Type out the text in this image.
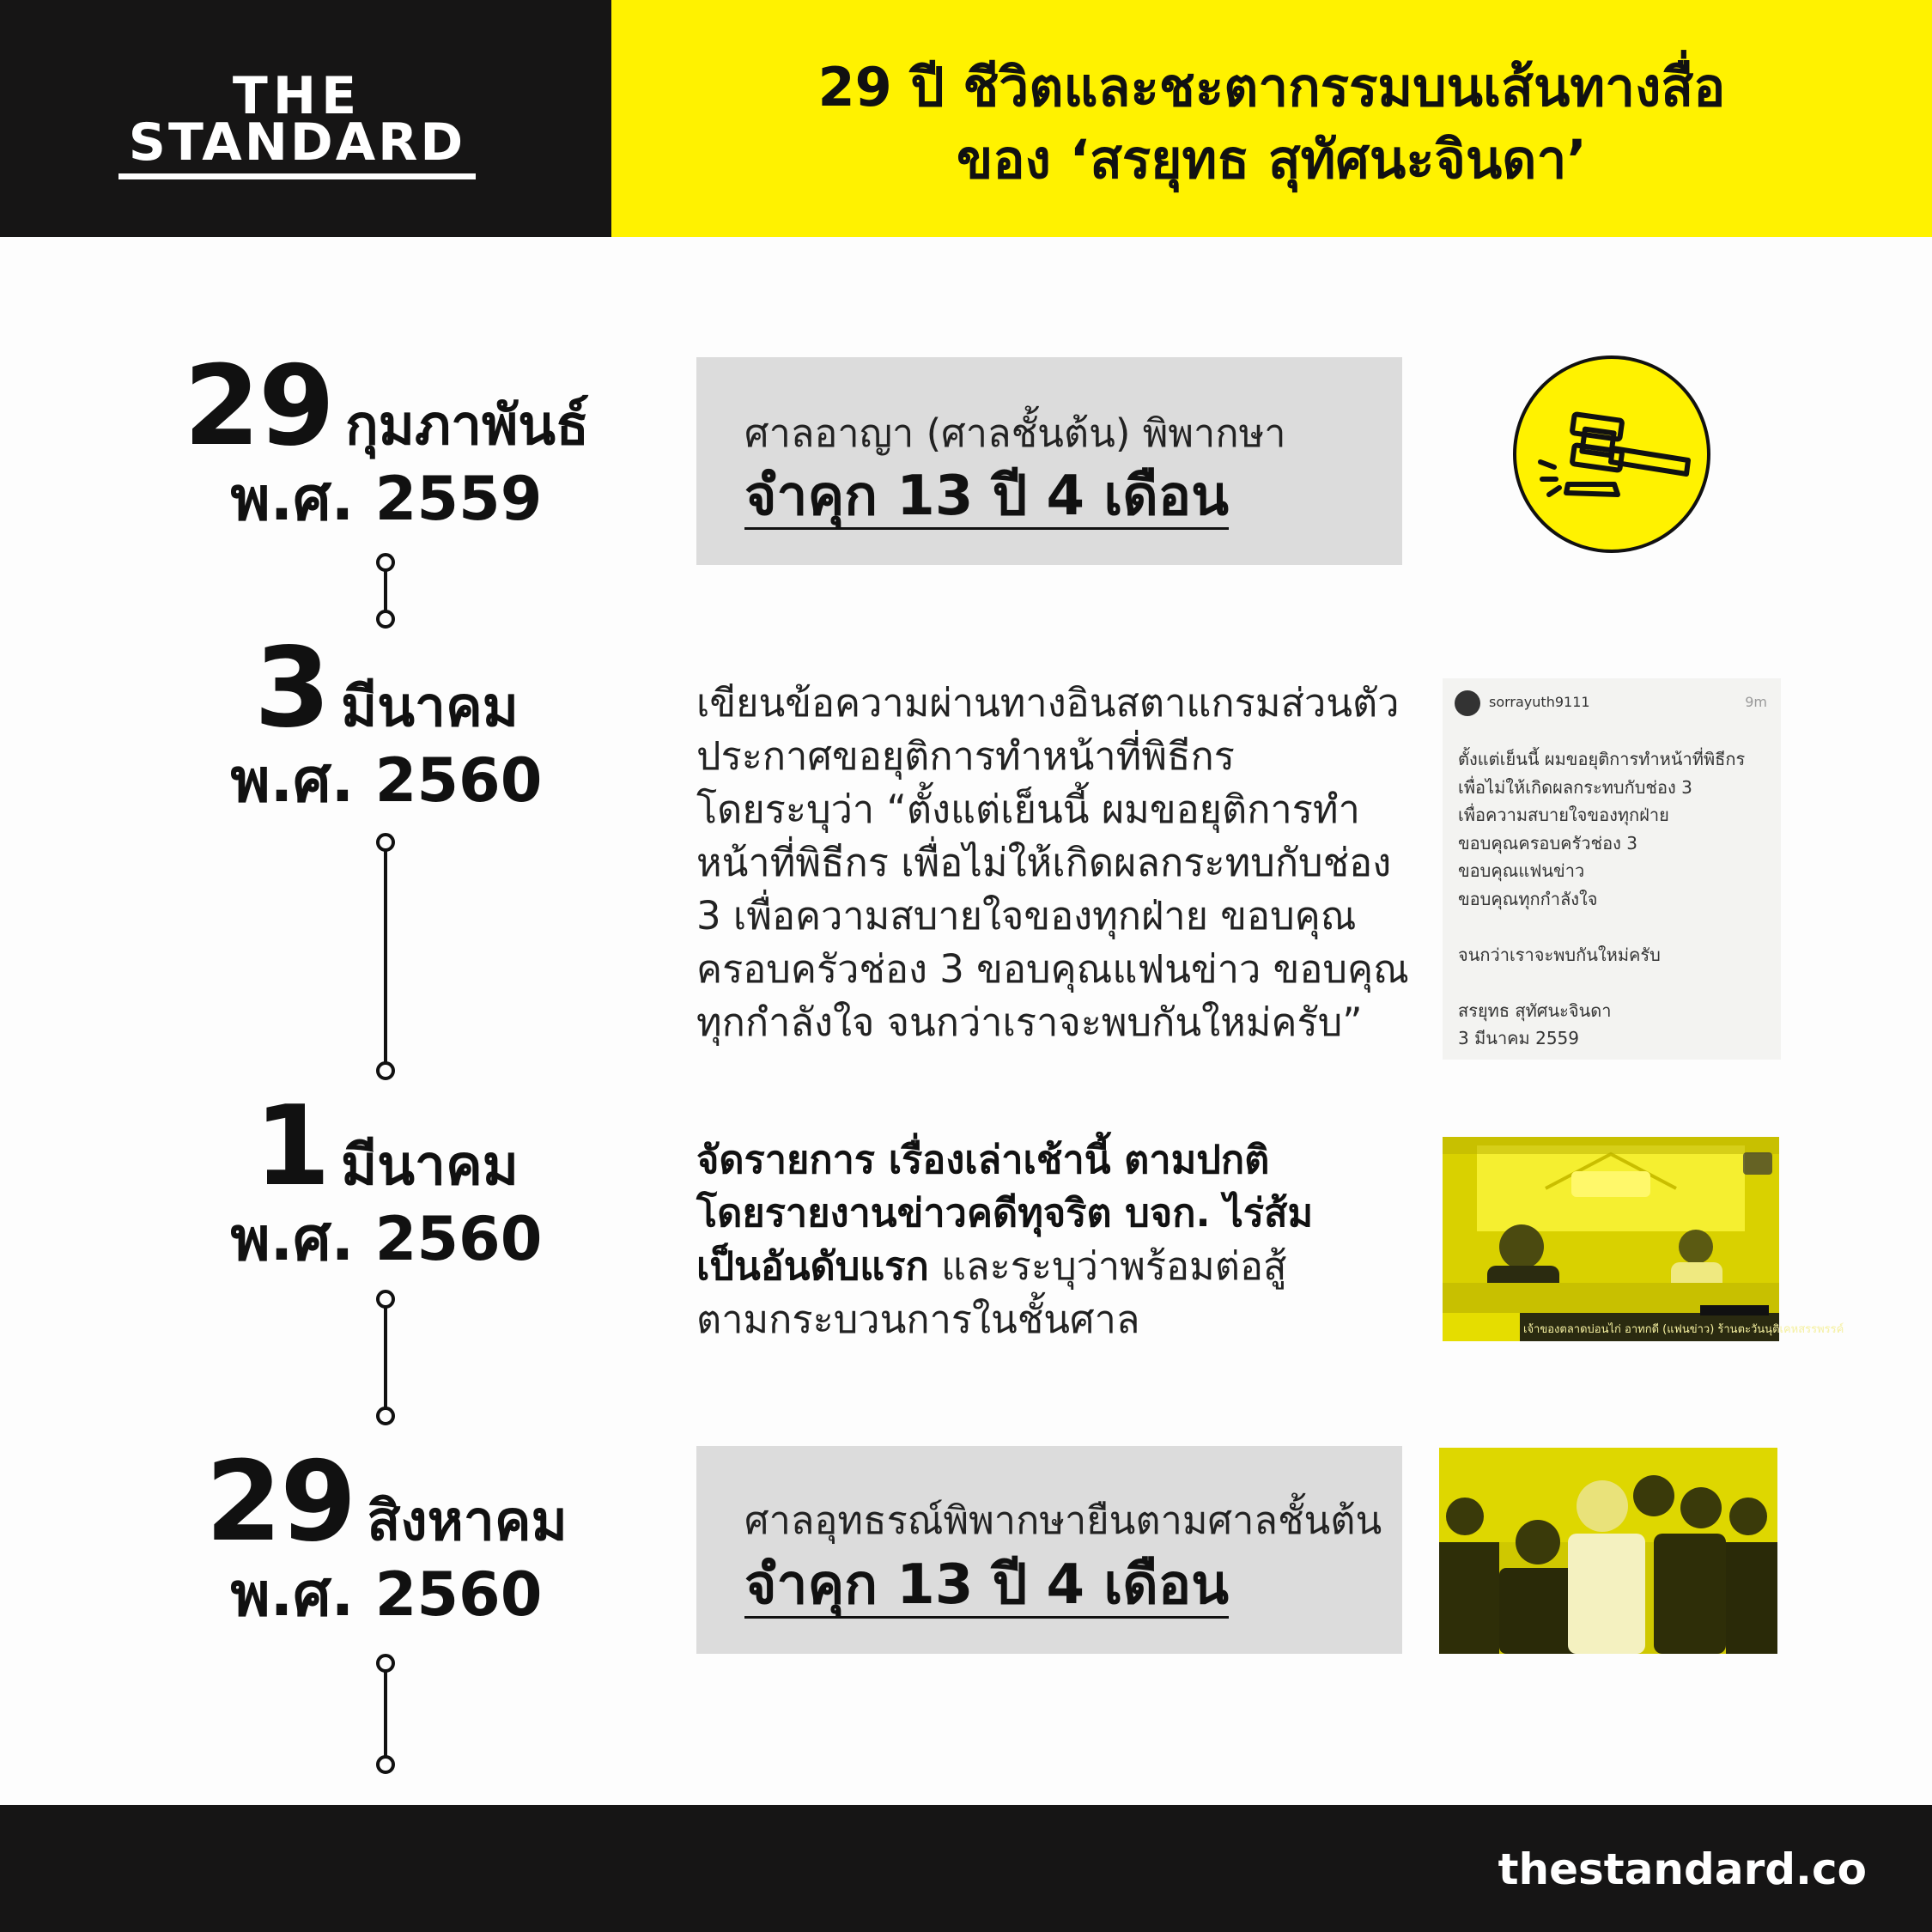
THE
STANDARD
29 ปี ชีวิตและชะตากรรมบนเส้นทางสื่อ
ของ ‘สรยุทธ สุทัศนะจินดา’
29 กุมภาพันธ์
พ.ศ. 2559
ศาลอาญา (ศาลชั้นต้น) พิพากษา
จำคุก 13 ปี 4 เดือน
3 มีนาคม
พ.ศ. 2560
เขียนข้อความผ่านทางอินสตาแกรมส่วนตัว
ประกาศขอยุติการทำหน้าที่พิธีกร
โดยระบุว่า “ตั้งแต่เย็นนี้ ผมขอยุติการทำ
หน้าที่พิธีกร เพื่อไม่ให้เกิดผลกระทบกับช่อง
3 เพื่อความสบายใจของทุกฝ่าย ขอบคุณ
ครอบครัวช่อง 3 ขอบคุณแฟนข่าว ขอบคุณ
ทุกกำลังใจ จนกว่าเราจะพบกันใหม่ครับ”
sorrayuth9111	9m
ตั้งแต่เย็นนี้ ผมขอยุติการทำหน้าที่พิธีกร
เพื่อไม่ให้เกิดผลกระทบกับช่อง 3
เพื่อความสบายใจของทุกฝ่าย
ขอบคุณครอบครัวช่อง 3
ขอบคุณแฟนข่าว
ขอบคุณทุกกำลังใจ
จนกว่าเราจะพบกันใหม่ครับ
สรยุทธ สุทัศนะจินดา
3 มีนาคม 2559
1 มีนาคม
พ.ศ. 2560
จัดรายการ เรื่องเล่าเช้านี้ ตามปกติ
โดยรายงานข่าวคดีทุจริต บจก. ไร่ส้ม
เป็นอันดับแรก และระบุว่าพร้อมต่อสู้
ตามกระบวนการในชั้นศาล	เจ้าของตลาดบ่อนไก่ อาทกดี (แฟนข่าว) ร้านตะวันนุติเคหสรรพรรค์
29 สิงหาคม
พ.ศ. 2560
ศาลอุทธรณ์พิพากษายืนตามศาลชั้นต้น
จำคุก 13 ปี 4 เดือน
thestandard.co
